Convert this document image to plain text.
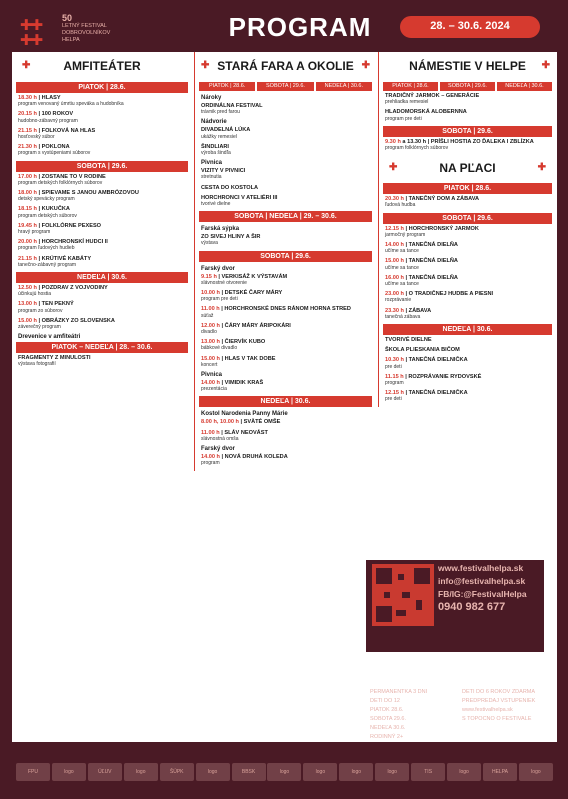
✚✚
✚✚
50
LETNÝ FESTIVAL
DOBROVOLNÍKOV
HELPA	PROGRAM	28. – 30.6. 2024
✚	AMFITEÁTER
PIATOK | 28.6.
18.30 h | HLASY
program venovaný úmrtiu speváka a hudobníka
20.15 h | 100 ROKOV
hudobno-zábavný program
21.15 h | FOLKOVÁ NA HLAS
hosťovský súbor
21.30 h | POKLONA
program s vystúpeniami súborov
SOBOTA | 29.6.
17.00 h | ZOSTANE TO V RODINE
program detských folklórnych súborov
18.00 h | SPIEVAME S JANOU AMBRÓZOVOU
detský spevácky program
18.15 h | KUKUČKA
program detských súborov
19.45 h | FOLKLÓRNE PEXESO
hravý program
20.00 h | HORCHRONSKÍ HUDCI II
program ľudových hudieb
21.15 h | KRÚTIVÉ KABÁTY
tanečno-zábavný program
NEDEĽA | 30.6.
12.50 h | POZDRAV Z VOJVODINY
účinkujú hostia
13.00 h | TEN PEKNÝ
program zo súborov
15.00 h | OBRÁZKY ZO SLOVENSKA
záverečný program
Drevenice v amfiteátri
PIATOK – NEDEĽA | 28. – 30.6.
FRAGMENTY Z MINULOSTI
výstava fotografií
✚ STARÁ FARA A OKOLIE ✚
PIATOK | 28.6.	SOBOTA | 29.6.	NEDEĽA | 30.6.
Nároky
ORDINÁLNA FESTIVAL
trávnik pred farou
Nádvorie
DIVADELNÁ LÚKA
ukážky remesiel
ŠINDLIARI
výroba šindľa
Pivnica
VIZITY V PIVNICI
stretnutia
CESTA DO KOSTOLA
HORCHRONCI V ATELIÉRI III
tvorivé dielne
SOBOTA | NEDEĽA | 29. – 30.6.
Farská sýpka
ZO SIVEJ HLINY A ŠIR
výstava
SOBOTA | 29.6.
Farský dvor
9.15 h | VERKISÁŽ K VÝSTAVÁM
slávnostné otvorenie
10.00 h | DETSKÉ ČARY MÁRY
program pre deti
11.00 h | HORCHRONSKÉ DNES RÁNOM HORNA STRED
súťaž
12.00 h | ČÁRY MÁRY ÁRIPOKÁRI
divadlo
13.00 h | ČIERVÍK KUBO
bábkové divadlo
15.00 h | HLAS V TAK DOBE
koncert
Pivnica
14.00 h | VIMIDIK KRAŠ
prezentácia
NEDEĽA | 30.6.
Kostol Narodenia Panny Márie
8.00 h, 10.00 h | SVÄTÉ OMŠE
11.00 h | SLÁV NEOVÁST
slávnostná omša
Farský dvor
14.00 h | NOVÁ DRUHÁ KOLEDA
program
NÁMESTIE V HELPE ✚
PIATOK | 28.6.	SOBOTA | 29.6.	NEDEĽA | 30.6.
TRADIČNÝ JARMOK – GENERÁCIE
prehliadka remesiel
HLADOMORSKÁ ALOBERNNA
program pre deti
SOBOTA | 29.6.
9.30 h a 13.30 h | PRÍŠLI HOSTIA ZO ĎALEKA I ZBLÍZKA
program folklórnych súborov
✚	NA PĽACI	✚
PIATOK | 28.6.
20.30 h | TANEČNÝ DOM A ZÁBAVA
ľudová hudba
SOBOTA | 29.6.
12.15 h | HORCHRONSKÝ JARMOK
jarmočný program
14.00 h | TANEČNÁ DIELŇA
učíme sa tance
15.00 h | TANEČNÁ DIELŇA
učíme sa tance
16.00 h | TANEČNÁ DIELŇA
učíme sa tance
23.00 h | O TRADIČNEJ HUDBE A PIESNI
rozprávanie
23.30 h | ZÁBAVA
tanečná zábava
NEDEĽA | 30.6.
TVORIVÉ DIELNE
ŠKOLA PLIESKANIA BIČOM
10.30 h | TANEČNÁ DIELNIČKA
pre deti
11.15 h | ROZPRÁVANIE RYDOVSKÉ
program
12.15 h | TANEČNÁ DIELNIČKA
pre deti
www.festivalhelpa.sk
info@festivalhelpa.sk
FB/IG:@FestivalHelpa
0940 982 677
30€
PERMANENTKA 3 DNI
12€
DETI DO 12
10€
PIATOK 28.6.
20€
SOBOTA 29.6.
15€
NEDEĽA 30.6.
25€
RODINNÝ 2+
DETI DO 6 ROKOV ZDARMA
PREDPREDAJ VSTUPENIEK
www.festivalhelpa.sk
S TOPOCNO O FESTIVALE
FPU	logo	ÚĽUV	logo	ŠÚPK	logo	BBSK	logo	logo	logo	logo	TIS	logo	HELPA	logo
